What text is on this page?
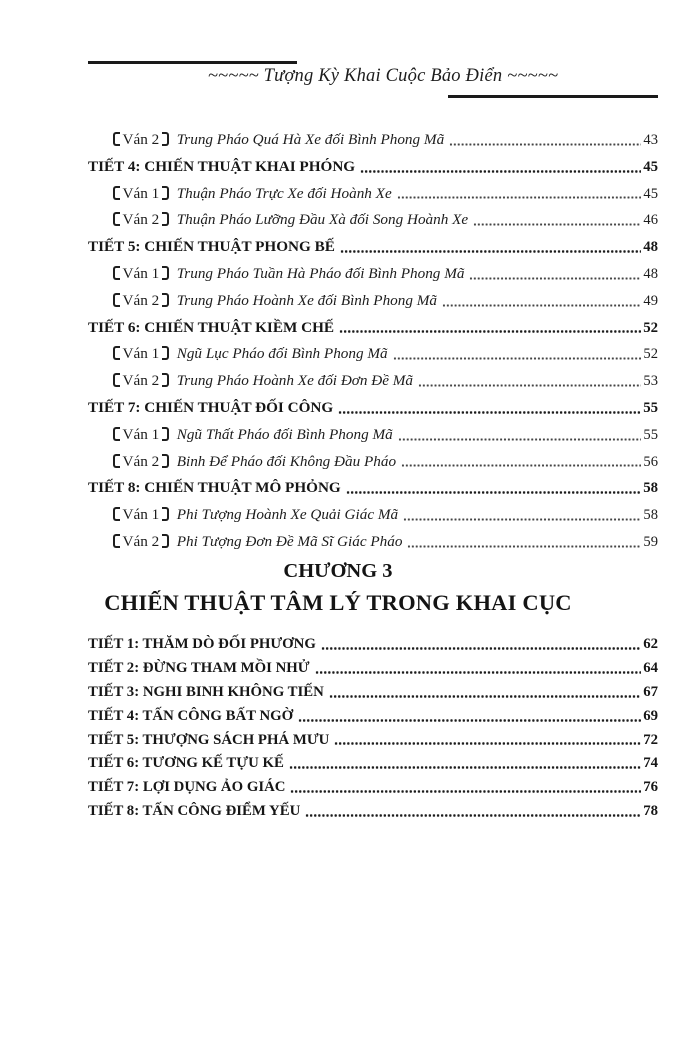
~~~~~ Tượng Kỳ Khai Cuộc Bảo Điển ~~~~~
Ván 2	Trung Pháo Quá Hà Xe đối Bình Phong Mã	43
TIẾT 4: CHIẾN THUẬT KHAI PHÓNG	45
Ván 1	Thuận Pháo Trực Xe đối Hoành Xe	45
Ván 2	Thuận Pháo Lưỡng Đầu Xà đối Song Hoành Xe	46
TIẾT 5: CHIẾN THUẬT PHONG BẾ	48
Ván 1	Trung Pháo Tuần Hà Pháo đối Bình Phong Mã	48
Ván 2	Trung Pháo Hoành Xe đối Bình Phong Mã	49
TIẾT 6: CHIẾN THUẬT KIỀM CHẾ	52
Ván 1	Ngũ Lục Pháo đối Bình Phong Mã	52
Ván 2	Trung Pháo Hoành Xe đối Đơn Đề Mã	53
TIẾT 7: CHIẾN THUẬT ĐỐI CÔNG	55
Ván 1	Ngũ Thất Pháo đối Bình Phong Mã	55
Ván 2	Binh Để Pháo đối Không Đầu Pháo	56
TIẾT 8: CHIẾN THUẬT MÔ PHỎNG	58
Ván 1	Phi Tượng Hoành Xe Quải Giác Mã	58
Ván 2	Phi Tượng Đơn Đề Mã Sĩ Giác Pháo	59
CHƯƠNG 3
CHIẾN THUẬT TÂM LÝ TRONG KHAI CỤC
TIẾT 1: THĂM DÒ ĐỐI PHƯƠNG	62
TIẾT 2: ĐỪNG THAM MỒI NHỬ	64
TIẾT 3: NGHI BINH KHÔNG TIẾN	67
TIẾT 4: TẤN CÔNG BẤT NGỜ	69
TIẾT 5: THƯỢNG SÁCH PHÁ MƯU	72
TIẾT 6: TƯƠNG KẾ TỰU KẾ	74
TIẾT 7: LỢI DỤNG ẢO GIÁC	76
TIẾT 8: TẤN CÔNG ĐIỂM YẾU	78
